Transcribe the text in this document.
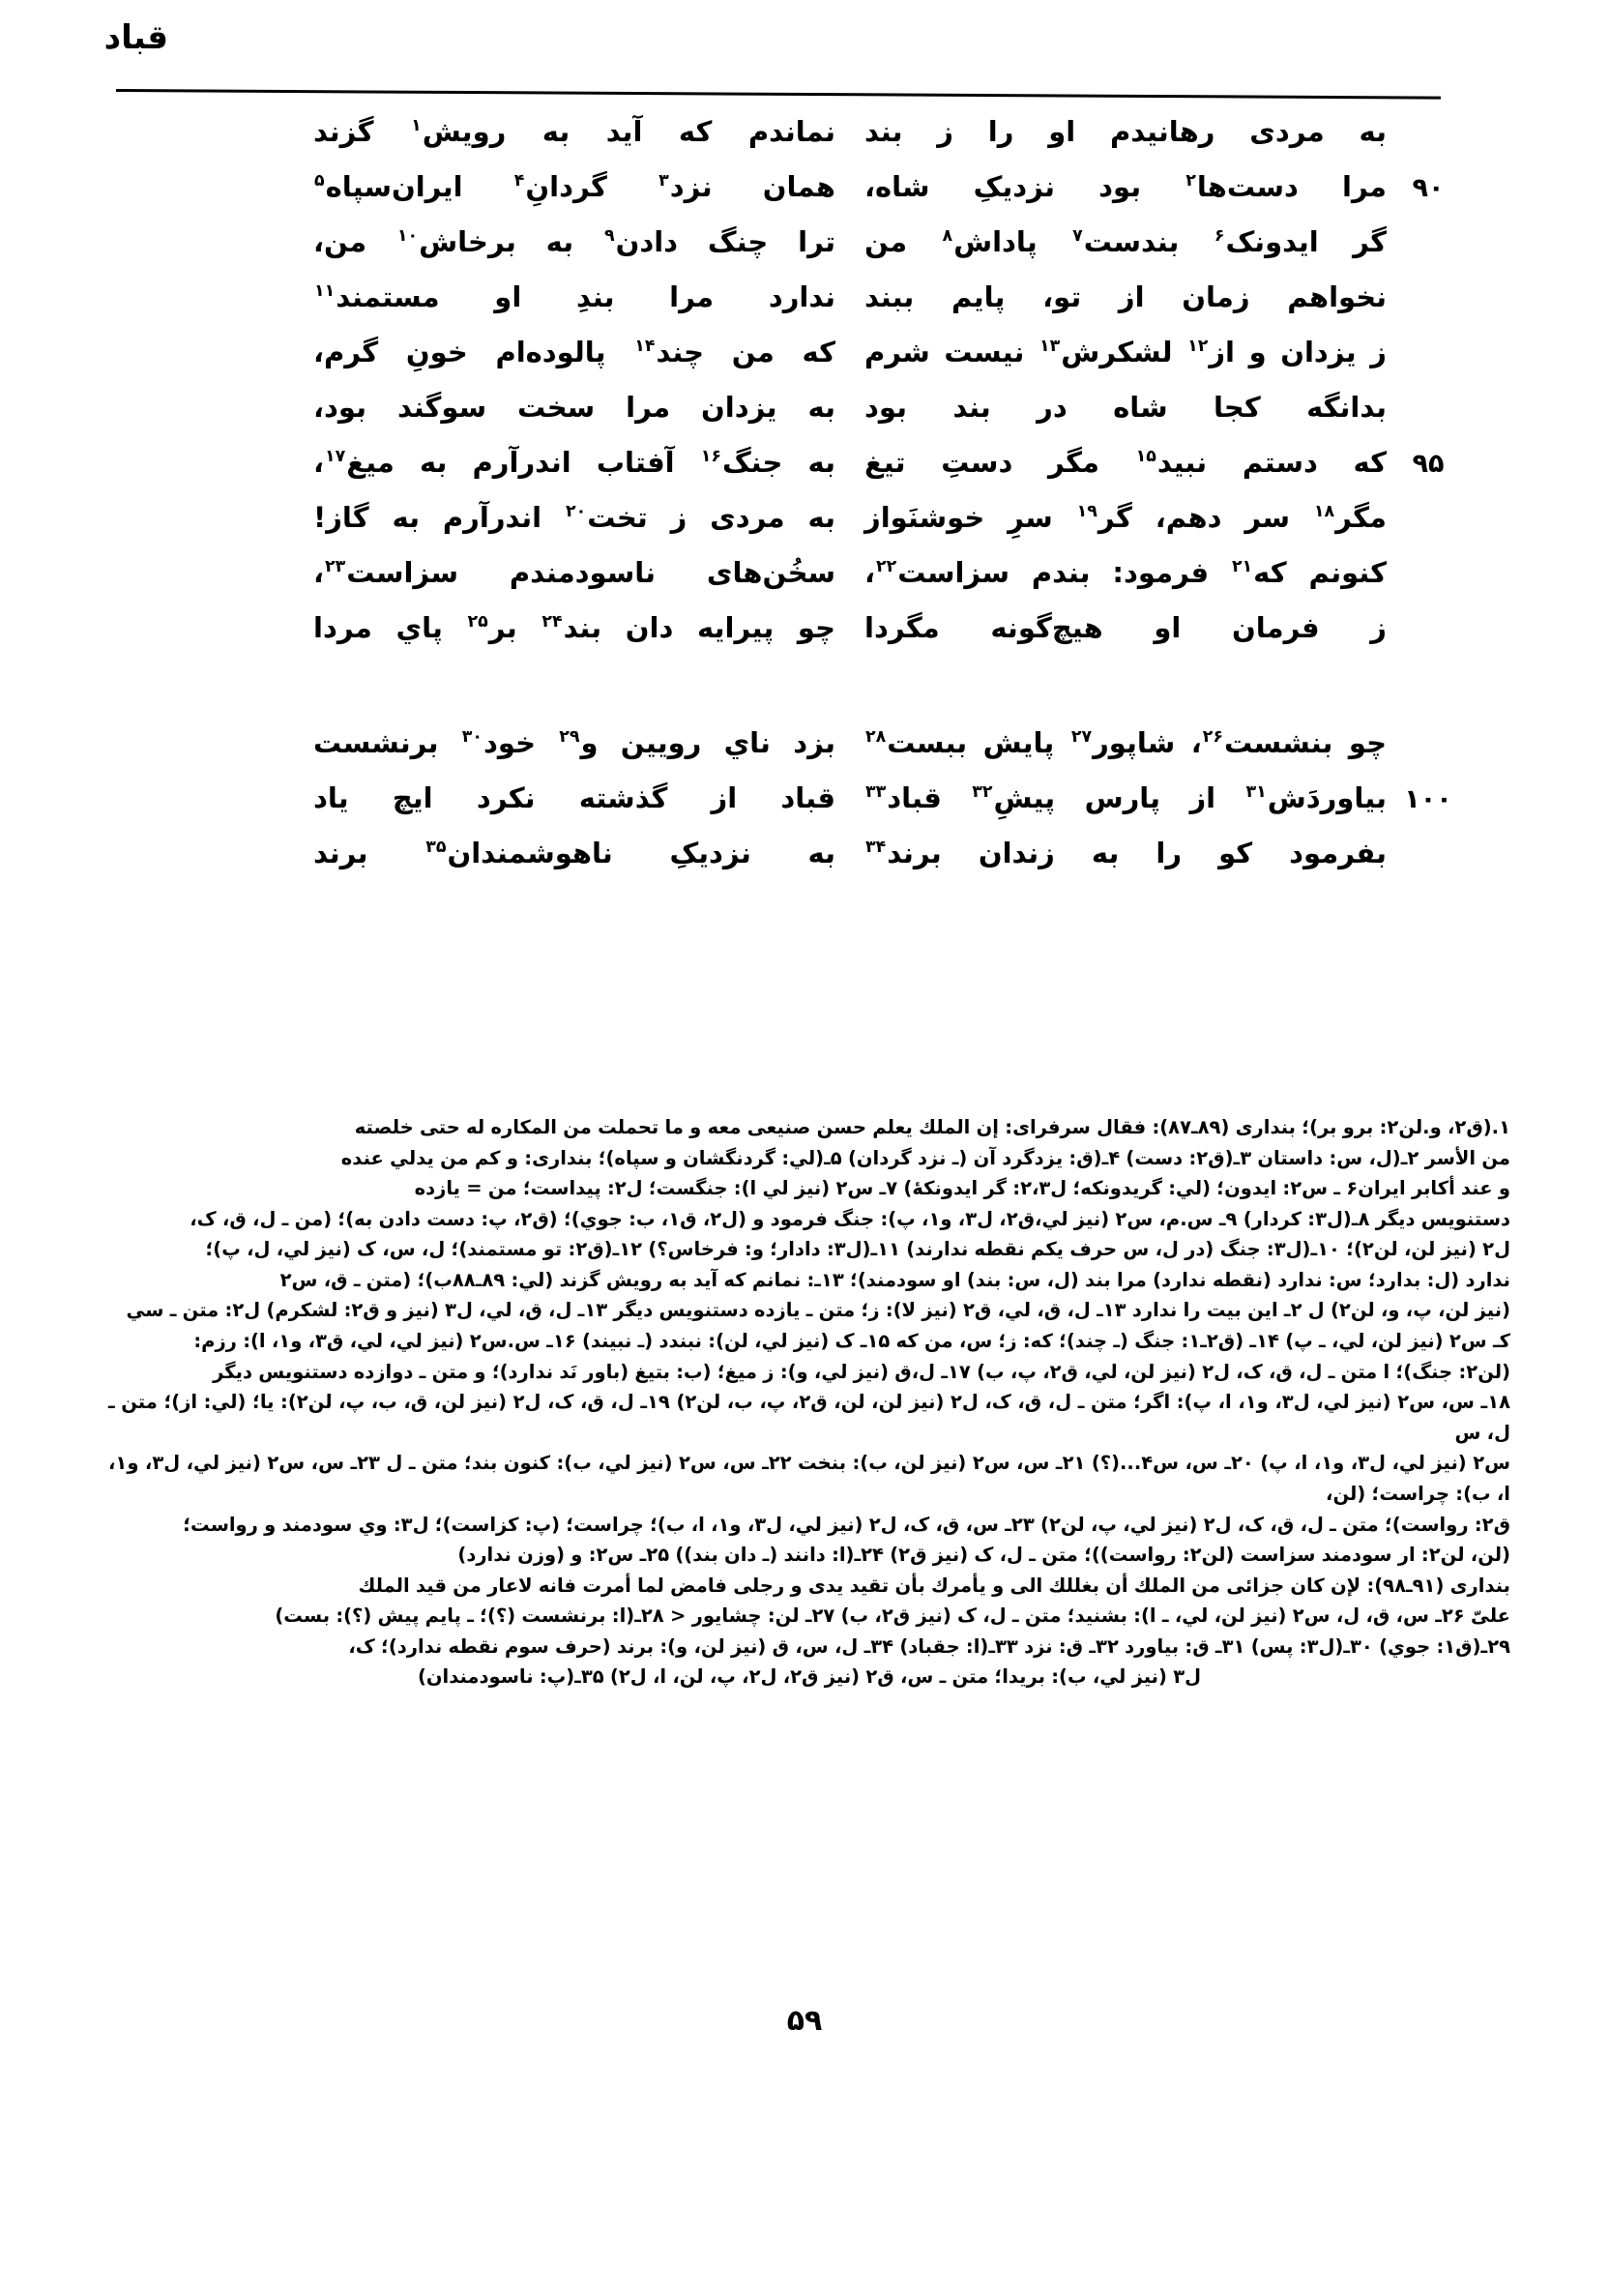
قباد
به مردی رهانیدم او را ز بند
نماندم که آید به رویش$^۱$ گزند
۹۰
مرا دست‌ها$^۲$ بود نزدیکِ شاه،
همان نزد$^۳$ گردانِ$^۴$ ایران‌سپاه$^۵$
گر ایدونک$^۶$ بندست$^۷$ پاداش$^۸$ من
ترا چنگ دادن$^۹$ به برخاش$^{۱۰}$ من،
نخواهم زمان از تو، پایم ببند
ندارد مرا بندِ او مستمند$^{۱۱}$
ز یزدان و از$^{۱۲}$ لشکرش$^{۱۳}$ نیست شرم
که من چند$^{۱۴}$ پالوده‌ام خونِ گرم،
بدانگه کجا شاه در بند بود
به یزدان مرا سخت سوگند بود،
۹۵
که دستم نبید$^{۱۵}$ مگر دستِ تیغ
به جنگ$^{۱۶}$ آفتاب اندرآرم به میغ$^{۱۷}$،
مگر$^{۱۸}$ سر دهم، گر$^{۱۹}$ سرِ خوشنَواز
به مردی ز تخت$^{۲۰}$ اندرآرم به گاز!
کنونم که$^{۲۱}$ فرمود: بندم سزاست$^{۲۲}$،
سخُن‌های ناسودمندم سزاست$^{۲۳}$،
ز فرمان او هیچ‌گونه مگردا
چو پیرایه دان بند$^{۲۴}$ بر$^{۲۵}$ پاي مردا
چو بنشست$^{۲۶}$، شاپور$^{۲۷}$ پایش ببست$^{۲۸}$
بزد ناي رويين و$^{۲۹}$ خود$^{۳۰}$ برنشست
۱۰۰
بیاوردَش$^{۳۱}$ از پارس پیشِ$^{۳۲}$ قباد$^{۳۳}$
قباد از گذشته نکرد ایچ یاد
بفرمود کو را به زندان برند$^{۳۴}$
به نزدیکِ ناهوشمندان$^{۳۵}$ برند

۱.(ق۲، و.لن۲: برو بر)؛ بنداری (۸۹ـ۸۷): فقال سرفرای: إن الملك يعلم حسن صنيعى معه و ما تحملت من المكاره له حتى خلصته

من الأسر ۲ـ(ل، س: داستان ۳ـ(ق۲: دست) ۴ـ(ق: یزدگرد آن (ـ نزد گردان) ۵ـ(لي: گردنگشان و سپاه)؛ بنداری: و كم من يدلي عنده

و عند أكابر ايران۶ ـ س۲: ایدون؛ (لي: گریدونکه؛ ل۲،۳: گر ایدونکۀ) ۷ـ س۲ (نیز لي ا): جنگست؛ ل۲: پیداست؛ من = یازده

دستنویس دیگر ۸ـ(ل۳: کردار) ۹ـ س.م، س۲ (نیز لي،ق۲، ل۳، و۱، پ): جنگ فرمود و (ل۲، ق۱، ب: جوي)؛ (ق۲، پ: دست دادن به)؛ (من ـ ل، ق، ک،

ل۲ (نیز لن، لن۲)؛ ۱۰ـ(ل۳: جنگ (در ل، س حرف یکم نقطه ندارند) ۱۱ـ(ل۳: دادار؛ و: فرخاس؟) ۱۲ـ(ق۲: تو مستمند)؛ ل، س، ک (نیز لي، ل، پ)؛

ندارد (ل: بدارد؛ س: ندارد (نقطه ندارد) مرا بند (ل، س: بند) او سودمند)؛ ۱۳ـ: نمانم که آید به رویش گزند (لي: ۸۹ـ۸۸ب)؛ (متن ـ ق، س۲

(نیز لن، پ، و، لن۲) ل ۲ـ این بیت را ندارد ۱۳ـ ل، ق، لي، ق۲ (نیز لا): ز؛ متن ـ یازده دستنویس دیگر ۱۳ـ ل، ق، لي، ل۳ (نیز و ق۲: لشکرم) ل۲: متن ـ سي

کـ س۲ (نیز لن، لي، ـ پ) ۱۴ـ (ق۲ـ۱: جنگ (ـ چند)؛ که: ز؛ س، من که ۱۵ـ ک (نیز لي، لن): نبندد (ـ نبیند) ۱۶ـ س.س۲ (نیز لي، لي، ق۳، و۱، ا): رزم:

(لن۲: جنگ)؛ ا متن ـ ل، ق، ک، ل۲ (نیز لن، لي، ق۲، پ، ب) ۱۷ـ ل،ق (نیز لي، و): ز میغ؛ (ب: بتیغ (باور نَد ندارد)؛ و متن ـ دوازده دستنویس دیگر

۱۸ـ س، س۲ (نیز لي، ل۳، و۱، ا، پ): اگر؛ متن ـ ل، ق، ک، ل۲ (نیز لن، لن، ق۲، پ، ب، لن۲) ۱۹ـ ل، ق، ک، ل۲ (نیز لن، ق، ب، پ، لن۲): یا؛ (لي: از)؛ متن ـ ل، س

س۲ (نیز لي، ل۳، و۱، ا، پ) ۲۰ـ س، س۴...(؟) ۲۱ـ س، س۲ (نیز لن، ب): بنخت ۲۲ـ س، س۲ (نیز لي، ب): کنون بند؛ متن ـ ل ۲۳ـ س، س۲ (نیز لي، ل۳، و۱، ا، ب): چراست؛ (لن،

ق۲: رواست)؛ متن ـ ل، ق، ک، ل۲ (نیز لي، پ، لن۲) ۲۳ـ س، ق، ک، ل۲ (نیز لي، ل۳، و۱، ا، ب)؛ چراست؛ (پ: کزاست)؛ ل۳: وي سودمند و رواست؛

(لن، لن۲: ار سودمند سزاست (لن۲: رواست))؛ متن ـ ل، ک (نیز ق۲) ۲۴ـ(ا: دانند (ـ دان بند)) ۲۵ـ س۲: و (وزن ندارد)

بنداری (۹۱ـ۹۸): لإن كان جزائى من الملك أن بغللك الى و يأمرك بأن تقید یدی و رجلی فامض لما أمرت فانه لاعار من قید الملك

علىّ ۲۶ـ س، ق، ل، س۲ (نیز لن، لي، ـ ا): بشنید؛ متن ـ ل، ک (نیز ق۲، ب) ۲۷ـ لن: چشایور < ۲۸ـ(ا: برنشست (؟)؛ ـ پا‌یم پیش (؟): بست)

۲۹ـ(ق۱: جوي) ۳۰ـ(ل۳: پس) ۳۱ـ ق: بیاورد ۳۲ـ ق: نزد ۳۳ـ(ا: جقباد) ۳۴ـ ل، س، ق (نیز لن، و): برند (حرف سوم نقطه ندارد)؛ ک،

ل۳ (نیز لي، ب): بریدا؛ متن ـ س، ق۲ (نیز ق۲، ل۲، پ، لن، ا، ل۲) ۳۵ـ(پ: ناسودمندان)

۵۹
